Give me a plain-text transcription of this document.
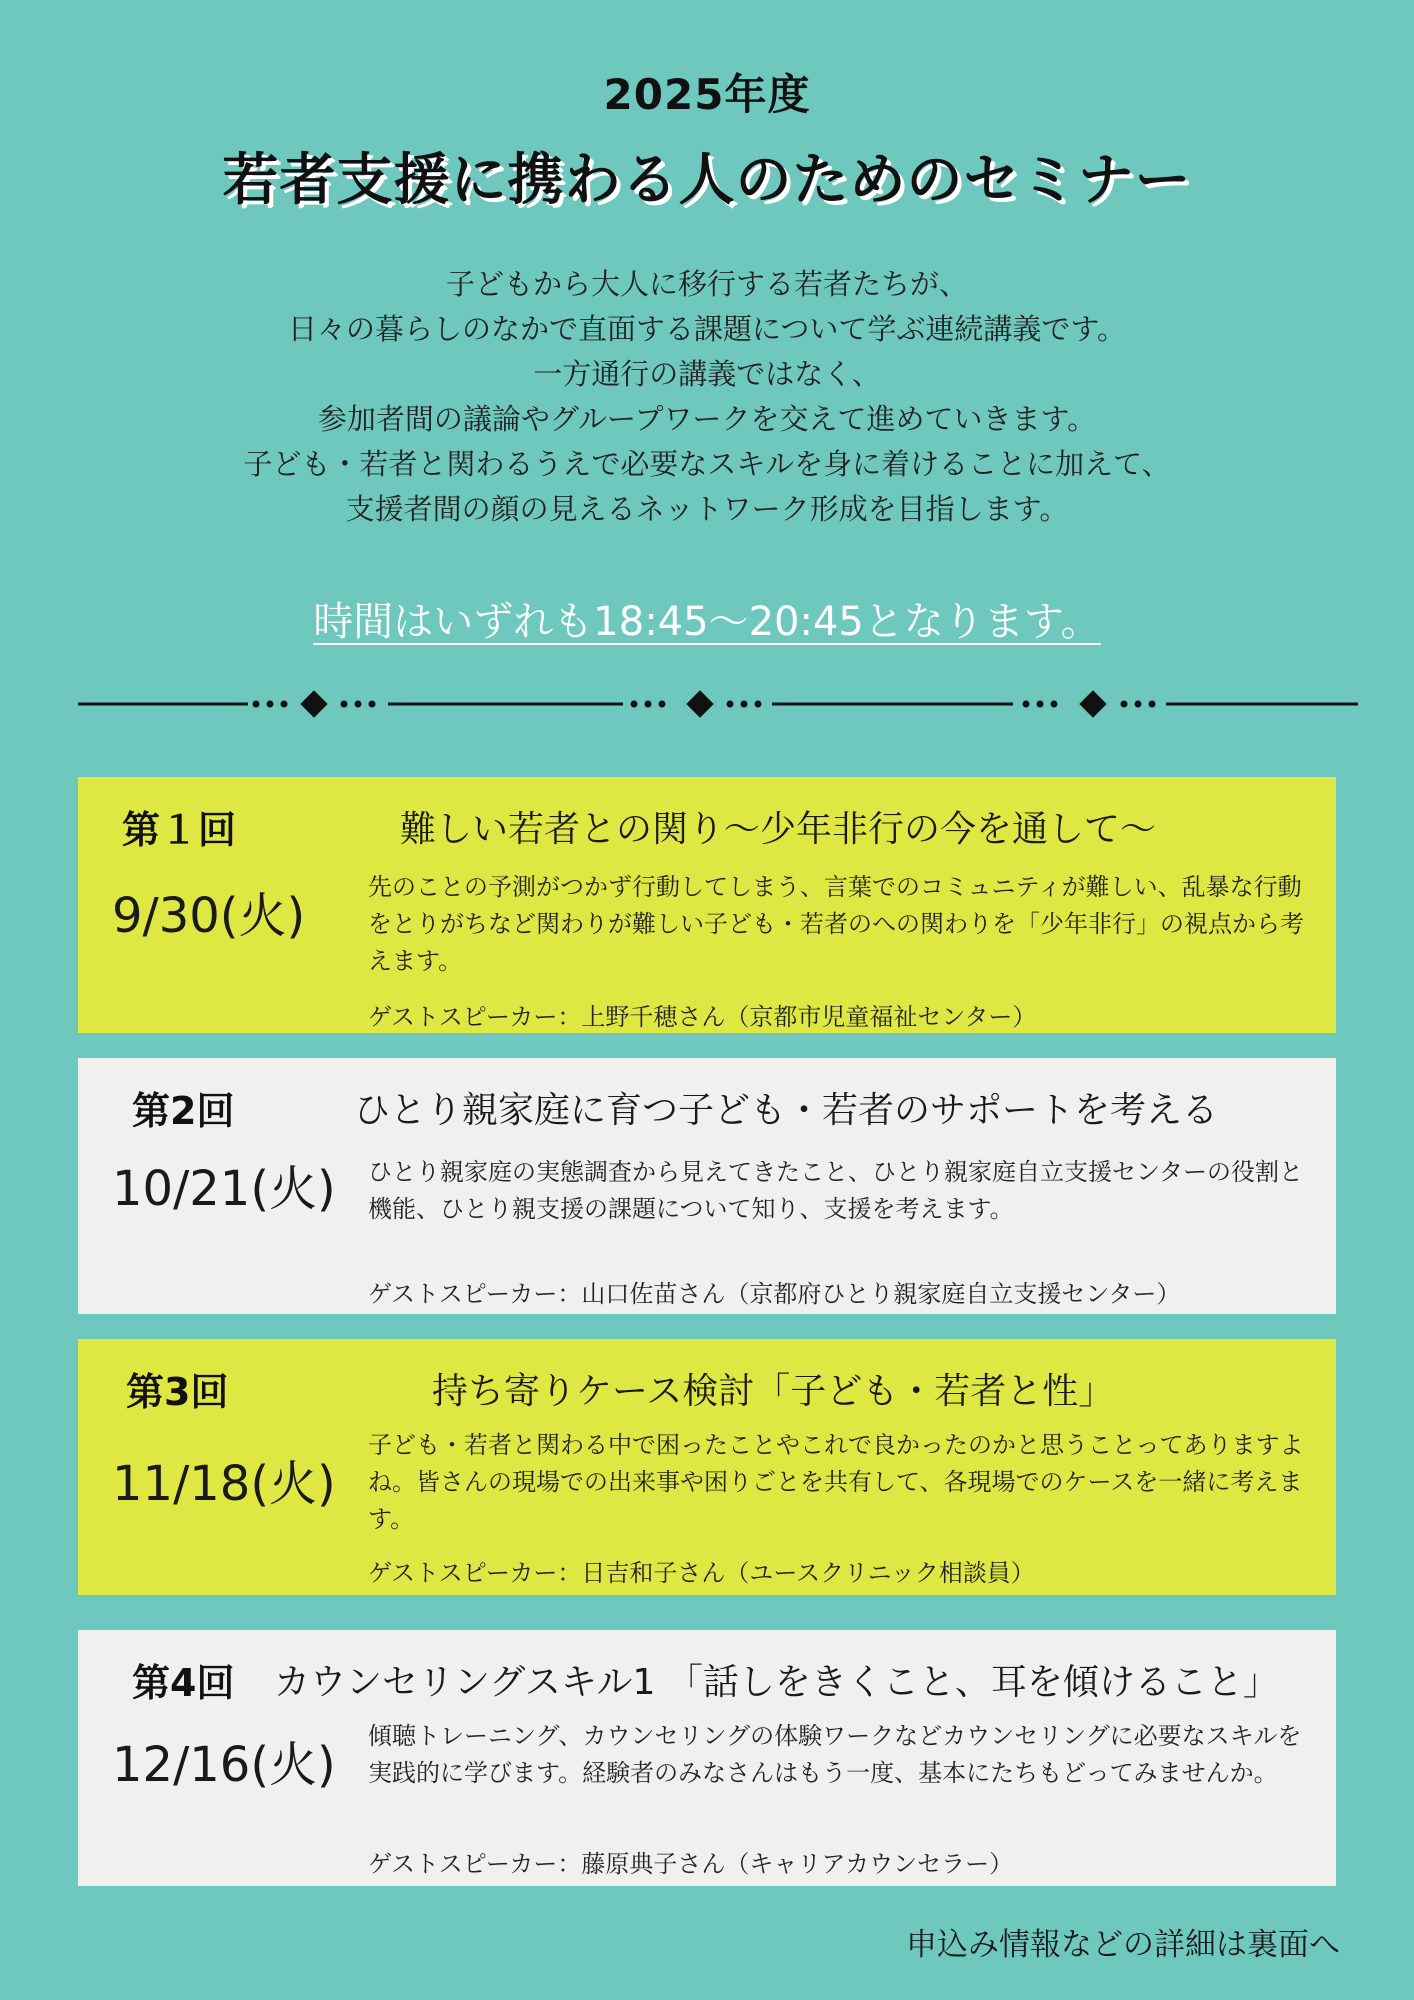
2025年度
若者支援に携わる人のためのセミナー
子どもから大人に移行する若者たちが、
日々の暮らしのなかで直面する課題について学ぶ連続講義です。
一方通行の講義ではなく、
参加者間の議論やグループワークを交えて進めていきます。
子ども・若者と関わるうえで必要なスキルを身に着けることに加えて、
支援者間の顔の見えるネットワーク形成を目指します。
時間はいずれも18:45～20:45となります。
第１回	難しい若者との関り～少年非行の今を通して～
9/30(火)
先のことの予測がつかず行動してしまう、言葉でのコミュニティが難しい、乱暴な行動をとりがちなど関わりが難しい子ども・若者のへの関わりを「少年非行」の視点から考えます。
ゲストスピーカー：上野千穂さん（京都市児童福祉センター）
第2回	ひとり親家庭に育つ子ども・若者のサポートを考える
10/21(火) ひとり親家庭の実態調査から見えてきたこと、ひとり親家庭自立支援センターの役割と機能、ひとり親支援の課題について知り、支援を考えます。
ゲストスピーカー：山口佐苗さん（京都府ひとり親家庭自立支援センター）
第3回	持ち寄りケース検討「子ども・若者と性」
11/18(火)
子ども・若者と関わる中で困ったことやこれで良かったのかと思うことってありますよね。皆さんの現場での出来事や困りごとを共有して、各現場でのケースを一緒に考えます。
ゲストスピーカー：日吉和子さん（ユースクリニック相談員）
第4回 カウンセリングスキル1 「話しをきくこと、耳を傾けること」
12/16(火)
傾聴トレーニング、カウンセリングの体験ワークなどカウンセリングに必要なスキルを実践的に学びます。経験者のみなさんはもう一度、基本にたちもどってみませんか。
ゲストスピーカー：藤原典子さん（キャリアカウンセラー）
申込み情報などの詳細は裏面へ
